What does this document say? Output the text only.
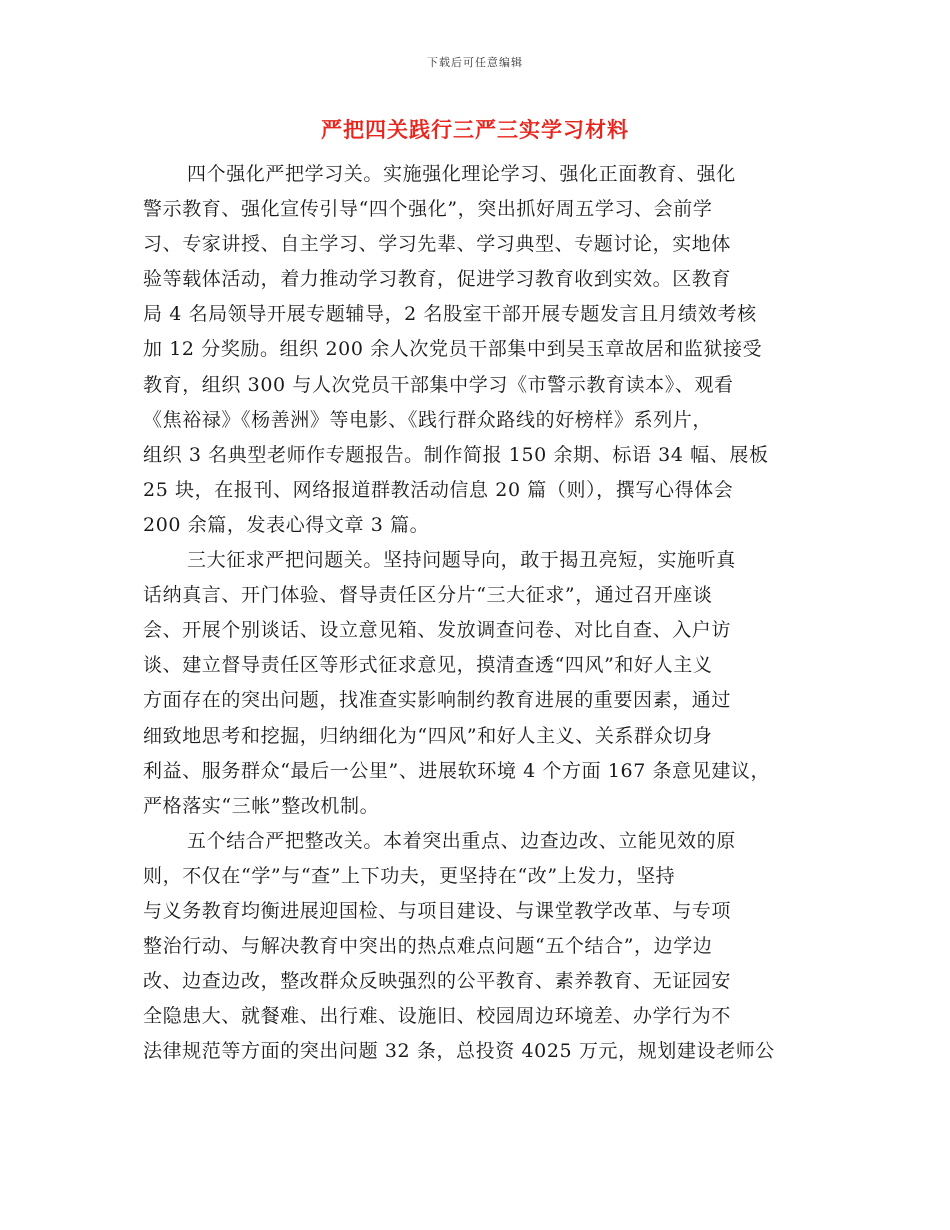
下载后可任意编辑
严把四关践行三严三实学习材料
四个强化严把学习关。实施强化理论学习、强化正面教育、强化
警示教育、强化宣传引导“四个强化”，突出抓好周五学习、会前学
习、专家讲授、自主学习、学习先辈、学习典型、专题讨论，实地体
验等载体活动，着力推动学习教育，促进学习教育收到实效。区教育
局 4 名局领导开展专题辅导，2 名股室干部开展专题发言且月绩效考核
加 12 分奖励。组织 200 余人次党员干部集中到吴玉章故居和监狱接受
教育，组织 300 与人次党员干部集中学习《市警示教育读本》、观看
《焦裕禄》《杨善洲》等电影、《践行群众路线的好榜样》系列片，
组织 3 名典型老师作专题报告。制作简报 150 余期、标语 34 幅、展板
25 块，在报刊、网络报道群教活动信息 20 篇（则），撰写心得体会
200 余篇，发表心得文章 3 篇。
三大征求严把问题关。坚持问题导向，敢于揭丑亮短，实施听真
话纳真言、开门体验、督导责任区分片“三大征求”，通过召开座谈
会、开展个别谈话、设立意见箱、发放调查问卷、对比自查、入户访
谈、建立督导责任区等形式征求意见，摸清查透“四风”和好人主义
方面存在的突出问题，找准查实影响制约教育进展的重要因素，通过
细致地思考和挖掘，归纳细化为“四风”和好人主义、关系群众切身
利益、服务群众“最后一公里”、进展软环境 4 个方面 167 条意见建议，
严格落实“三帐”整改机制。
五个结合严把整改关。本着突出重点、边查边改、立能见效的原
则，不仅在“学”与“查”上下功夫，更坚持在“改”上发力，坚持
与义务教育均衡进展迎国检、与项目建设、与课堂教学改革、与专项
整治行动、与解决教育中突出的热点难点问题“五个结合”，边学边
改、边查边改，整改群众反映强烈的公平教育、素养教育、无证园安
全隐患大、就餐难、出行难、设施旧、校园周边环境差、办学行为不
法律规范等方面的突出问题 32 条，总投资 4025 万元，规划建设老师公
